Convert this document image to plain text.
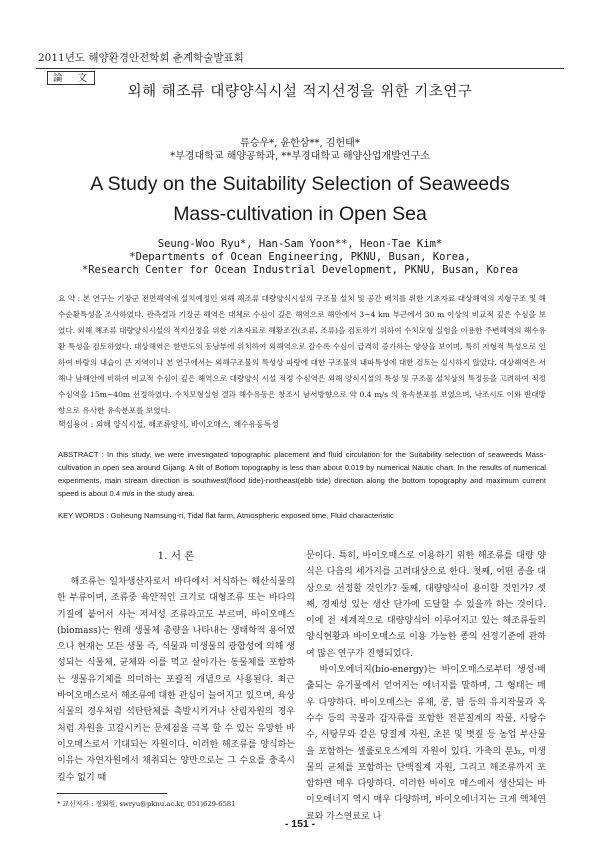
2011년도 해양환경안전학회 춘계학술발표회
論 文
외해 해조류 대량양식시설 적지선정을 위한 기초연구
류승우*, 윤한삼**, 김헌태*
*부경대학교 해양공학과, **부경대학교 해양산업개발연구소
A Study on the Suitability Selection of Seaweeds
Mass-cultivation in Open Sea
Seung-Woo Ryu*, Han-Sam Yoon**, Heon-Tae Kim*
*Departments of Ocean Engineering, PKNU, Busan, Korea,
*Research Center for Ocean Industrial Development, PKNU, Busan, Korea
요 약 : 본 연구는 기장군 전면해역에 설치예정인 외해 해조류 대량양식시설의 구조물 설치 및 공간 배치를 위한 기초자료 대상해역의 지형구조 및 해수순환특성을 조사하였다. 관측결과 기장군 해역은 대체로 수심이 깊은 해역으로 해안에서 3~4 km 부근에서 30 m 이상의 비교적 깊은 수심을 보였다. 외해 해조류 대량양식시설의 적지선정을 위한 기초자료로 해황조건(조류, 조류)을 검토하기 위하여 수치모형 실험을 이용한 주변해역의 해수유환 특성을 검토하였다. 대상해역은 한반도의 동남부에 위치하여 외해역으로 갈수록 수심이 급격히 증가하는 양상을 보이며, 특히 지형적 특성으로 인하여 바람의 내습이 큰 지역이나 본 연구에서는 외해구조물의 특성상 파랑에 대한 구조물의 내파특성에 대한 검토는 실시하지 않았다. 대상해역은 서해나 남해안에 비하여 비교적 수심이 깊은 해역으로 대량양식 시설 적정 수심역은 외해 양식시설의 특성 및 구조물 설치상의 특정등을 고려하여 적정 수심역을 15m~40m 선정하였다. 수치모형실험 결과 해수유동은 창조시 남서방향으로 약 0.4 m/s 의 유속분포를 보였으며, 낙조시도 이와 반대방향으로 유사한 유속분포를 보였다.
핵심용어 : 외해 양식시설, 해조류양식, 바이오매스, 해수유동특성
ABSTRACT : In this study, we were investigated topographic placement and fluid circulation for the Suitability selection of seaweeds Mass-cultivation in open sea around Gijang. A tilt of Bottom topography is less than about 0.019 by numerical Nautic chart. In the results of numerical experiments, main stream direction is southwest(flood tide)-northeast(ebb tide) direction along the bottom topography and maximum current speed is about 0.4 m/s in the study area.
KEY WORDS : Goheung Namsung-ri, Tidal flat farm, Atmospheric exposed time, Fluid characteristic
1. 서 론

해조류는 일차생산자로서 바다에서 서식하는 해산식물의 한 부류이며, 조류중 육안적인 크기로 대형조류 또는 바다의 기질에 붙어서 사는 저서성 조류라고도 부르며, 바이오매스(biomass)는 원래 생물체 총량을 나타내는 생태학적 용어였으나 현재는 모든 생물 즉, 식물과 미생물의 광합성에 의해 생성되는 식물체, 균체와 이를 먹고 살아가는 동물체를 포함하는 생물유기체를 의미하는 포괄적 개념으로 사용된다. 최근 바이오매스로서 해조류에 대한 관심이 늘어지고 있으며, 육상식물의 경우처럼 석탄탄체를 촉발시키거나 산림자원의 경우처럼 자원을 고갈시키는 문제점을 극복 할 수 있는 유망한 바이오매스로서 기대되는 자원이다. 이러한 해조류를 양식하는 이유는 자연자원에서 채취되는 양만으로는 그 수요를 충족시킬수 없기 때

문이다. 특히, 바이오매스로 이용하기 위한 해조류를 대량 양식은 다음의 세가지를 고려대상으로 한다. 첫째, 어떤 종을 대상으로 선정할 것인가? 둘째, 대량양식이 용이할 것인가? 셋째, 경제성 있는 생산 단가에 도달할 수 있을까 하는 것이다. 이에 전 세계적으로 대량양식이 이루어지고 있는 해조류들의 양식현황과 바이오매스로 이용 가능한 종의 선정기준에 관하여 많은 연구가 진행되었다.

바이오에너지(bio-energy)는 바이오매스로부터 생성·배출되는 유기물에서 얻어지는 에너지를 말하며, 그 형태는 매우 다양하다. 바이오매스는 유채, 콩, 팜 등의 유지작물과 옥수수 등의 곡물과 감자류를 포함한 전분질계의 작물, 사탕수수, 사탕무와 같은 당질계 자원, 초본 및 볏짚 등 농업 부산물을 포함하는 셀룰로오스계의 자원이 있다. 가축의 분뇨, 미생물의 균체를 포함하는 단백질계 자원, 그리고 해조류까지 포함하면 매우 다양하다. 이러한 바이오 매스에서 생산되는 바이오에너지 역시 매우 다양하며, 바이오에너지는 크게 액체연료와 가스연료로 나

* 교신저자 : 정회원, swryu@pknu.ac.kr, 051)629-6581
- 151 -
